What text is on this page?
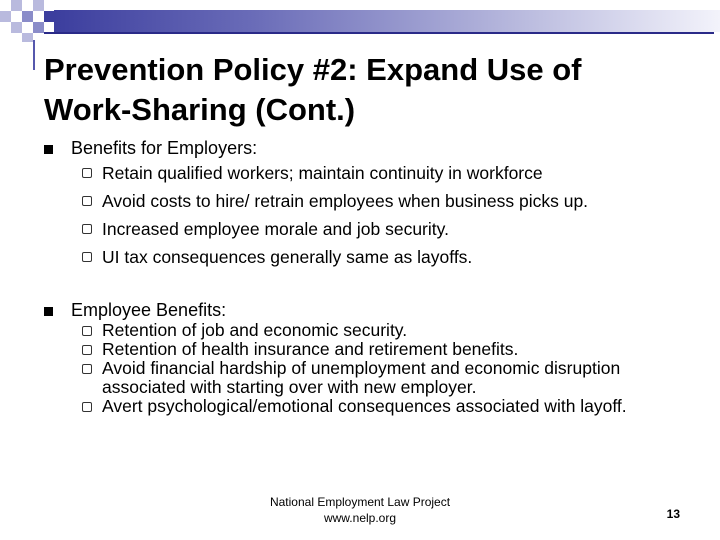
Prevention Policy #2: Expand Use of
Work-Sharing (Cont.)
Benefits for Employers:
Retain qualified workers; maintain continuity in workforce
Avoid costs to hire/ retrain employees when business picks up.
Increased employee morale and job security.
UI tax consequences generally same as layoffs.
Employee Benefits:
Retention of job and economic security.
Retention of health insurance and retirement benefits.
Avoid financial hardship of unemployment and economic disruption associated with starting over with new employer.
Avert psychological/emotional consequences associated with layoff.
National Employment Law Project
www.nelp.org	13
